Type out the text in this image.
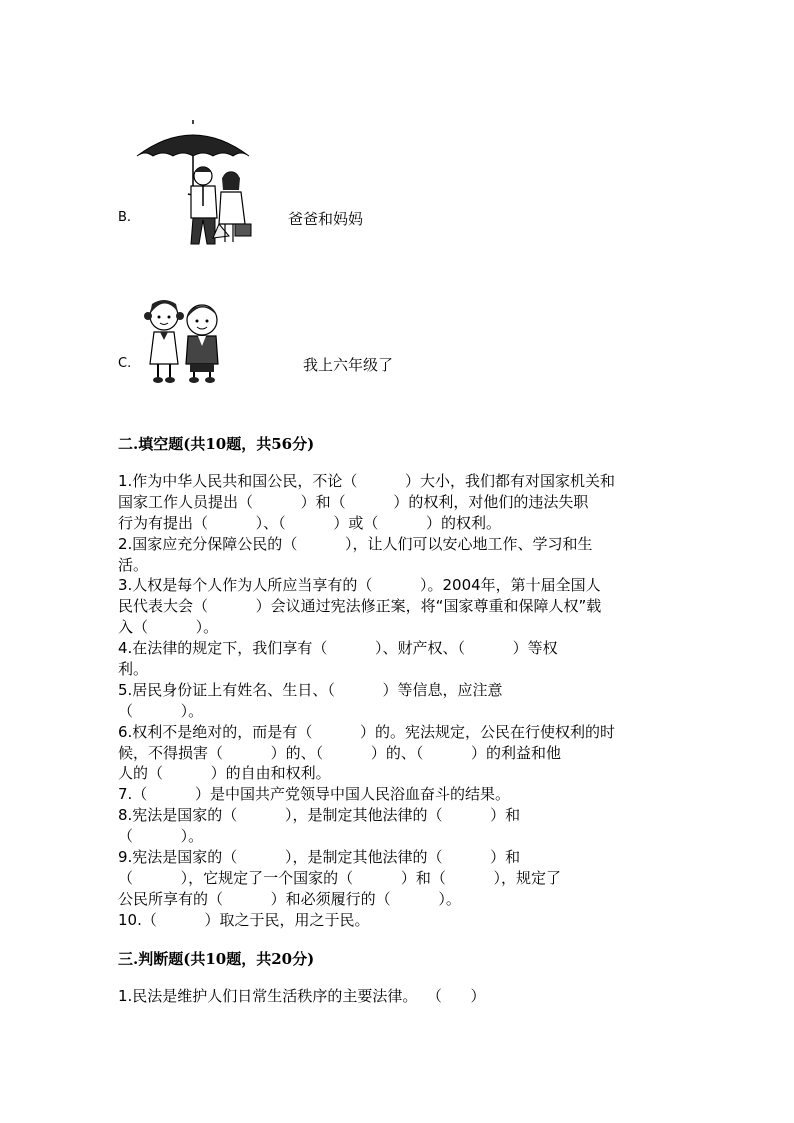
B.	爸爸和妈妈
C.	我上六年级了
二.填空题(共10题，共56分)
1.作为中华人民共和国公民，不论（          ）大小，我们都有对国家机关和
国家工作人员提出（          ）和（          ）的权利，对他们的违法失职
行为有提出（          ）、（          ）或（          ）的权利。
2.国家应充分保障公民的（          ），让人们可以安心地工作、学习和生
活。
3.人权是每个人作为人所应当享有的（          ）。2004年，第十届全国人
民代表大会（          ）会议通过宪法修正案，将“国家尊重和保障人权”载
入（          ）。
4.在法律的规定下，我们享有（          ）、财产权、（          ）等权
利。
5.居民身份证上有姓名、生日、（          ）等信息，应注意
（          ）。
6.权利不是绝对的，而是有（          ）的。宪法规定，公民在行使权利的时
候，不得损害（          ）的、（          ）的、（          ）的利益和他
人的（          ）的自由和权利。
7.（          ）是中国共产党领导中国人民浴血奋斗的结果。
8.宪法是国家的（          ），是制定其他法律的（          ）和
（          ）。
9.宪法是国家的（          ），是制定其他法律的（          ）和
（          ），它规定了一个国家的（          ）和（          ），规定了
公民所享有的（          ）和必须履行的（          ）。
10.（          ）取之于民，用之于民。
三.判断题(共10题，共20分)
1.民法是维护人们日常生活秩序的主要法律。  （      ）
